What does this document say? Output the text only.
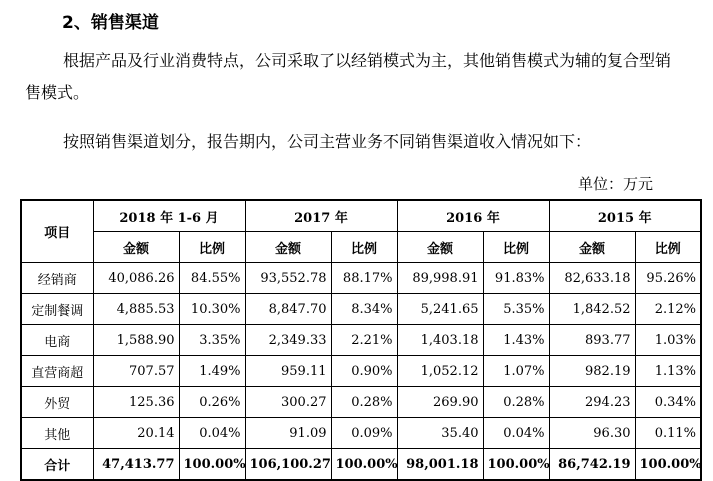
2、销售渠道
根据产品及行业消费特点，公司采取了以经销模式为主，其他销售模式为辅的复合型销售模式。
按照销售渠道划分，报告期内，公司主营业务不同销售渠道收入情况如下：
单位：万元
项目	2018 年 1-6 月		2017 年		2016 年		2015 年	
	金额	比例	金额	比例	金额	比例	金额	比例
经销商	40,086.26	84.55%	93,552.78	88.17%	89,998.91	91.83%	82,633.18	95.26%
定制餐调	4,885.53	10.30%	8,847.70	8.34%	5,241.65	5.35%	1,842.52	2.12%
电商	1,588.90	3.35%	2,349.33	2.21%	1,403.18	1.43%	893.77	1.03%
直营商超	707.57	1.49%	959.11	0.90%	1,052.12	1.07%	982.19	1.13%
外贸	125.36	0.26%	300.27	0.28%	269.90	0.28%	294.23	0.34%
其他	20.14	0.04%	91.09	0.09%	35.40	0.04%	96.30	0.11%
合计	47,413.77	100.00%	106,100.27	100.00%	98,001.18	100.00%	86,742.19	100.00%
